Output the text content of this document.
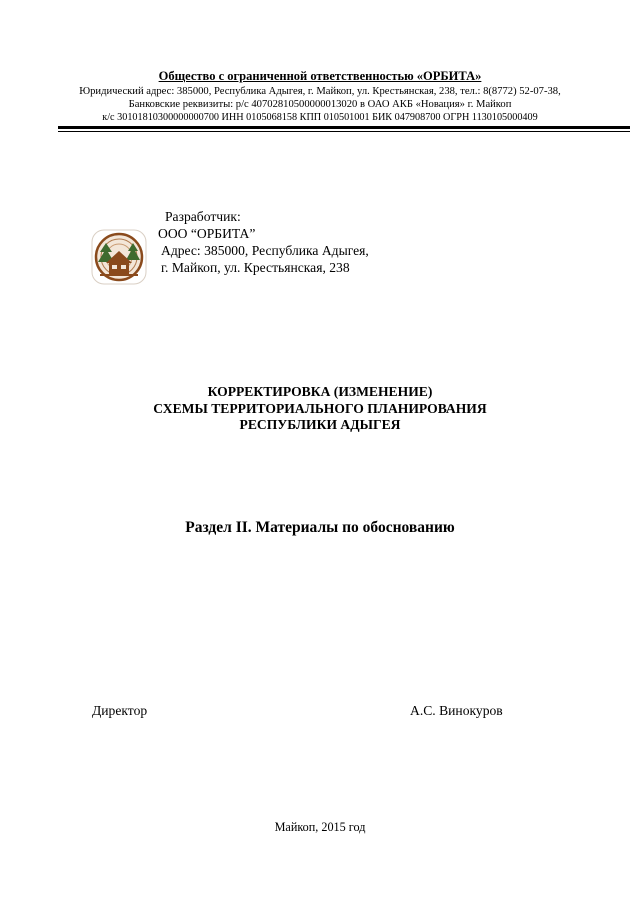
Общество с ограниченной ответственностью «ОРБИТА»
Юридический адрес: 385000, Республика Адыгея, г. Майкоп, ул. Крестьянская, 238, тел.: 8(8772) 52-07-38,
Банковские реквизиты: р/с 40702810500000013020 в ОАО АКБ «Новация» г. Майкоп
к/с 30101810300000000700 ИНН 0105068158 КПП 010501001 БИК 047908700 ОГРН 1130105000409
Разработчик:
ООО “ОРБИТА”
Адрес: 385000, Республика Адыгея,
г. Майкоп, ул. Крестьянская, 238
КОРРЕКТИРОВКА (ИЗМЕНЕНИЕ)
СХЕМЫ ТЕРРИТОРИАЛЬНОГО ПЛАНИРОВАНИЯ
РЕСПУБЛИКИ АДЫГЕЯ
Раздел II. Материалы по обоснованию
Директор	А.С. Винокуров
Майкоп, 2015 год
